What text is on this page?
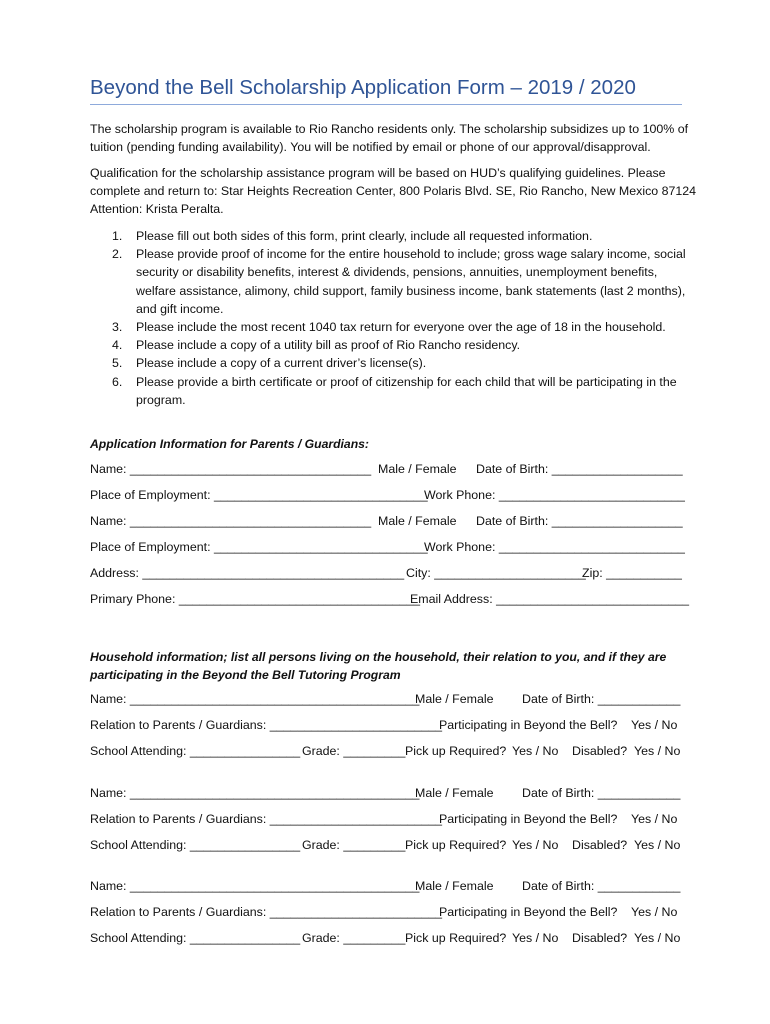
Beyond the Bell Scholarship Application Form – 2019 / 2020
The scholarship program is available to Rio Rancho residents only. The scholarship subsidizes up to 100% of
tuition (pending funding availability). You will be notified by email or phone of our approval/disapproval.
Qualification for the scholarship assistance program will be based on HUD’s qualifying guidelines. Please
complete and return to: Star Heights Recreation Center, 800 Polaris Blvd. SE, Rio Rancho, New Mexico 87124
Attention: Krista Peralta.
1. Please fill out both sides of this form, print clearly, include all requested information.
2. Please provide proof of income for the entire household to include; gross wage salary income, social
security or disability benefits, interest & dividends, pensions, annuities, unemployment benefits,
welfare assistance, alimony, child support, family business income, bank statements (last 2 months),
and gift income.
3. Please include the most recent 1040 tax return for everyone over the age of 18 in the household.
4. Please include a copy of a utility bill as proof of Rio Rancho residency.
5. Please include a copy of a current driver’s license(s).
6. Please provide a birth certificate or proof of citizenship for each child that will be participating in the
program.
Application Information for Parents / Guardians:
Name: ___________________________________ Male / Female Date of Birth: ___________________
Place of Employment: _______________________________
Work Phone: ___________________________
Name: ___________________________________ Male / Female Date of Birth: ___________________
Place of Employment: _______________________________
Work Phone: ___________________________
Address: ______________________________________ City: ______________________
Zip: ___________
Primary Phone: ___________________________________
Email Address: ____________________________
Household information; list all persons living on the household, their relation to you, and if they are
participating in the Beyond the Bell Tutoring Program
Name: __________________________________________
Male / Female Date of Birth: ____________
Relation to Parents / Guardians: _________________________
Participating in Beyond the Bell? Yes / No
School Attending: ________________ Grade: _________ Pick up Required? Yes / No Disabled? Yes / No
Name: __________________________________________
Male / Female Date of Birth: ____________
Relation to Parents / Guardians: _________________________
Participating in Beyond the Bell? Yes / No
School Attending: ________________ Grade: _________ Pick up Required? Yes / No Disabled? Yes / No
Name: __________________________________________
Male / Female Date of Birth: ____________
Relation to Parents / Guardians: _________________________
Participating in Beyond the Bell? Yes / No
School Attending: ________________ Grade: _________ Pick up Required? Yes / No Disabled? Yes / No
